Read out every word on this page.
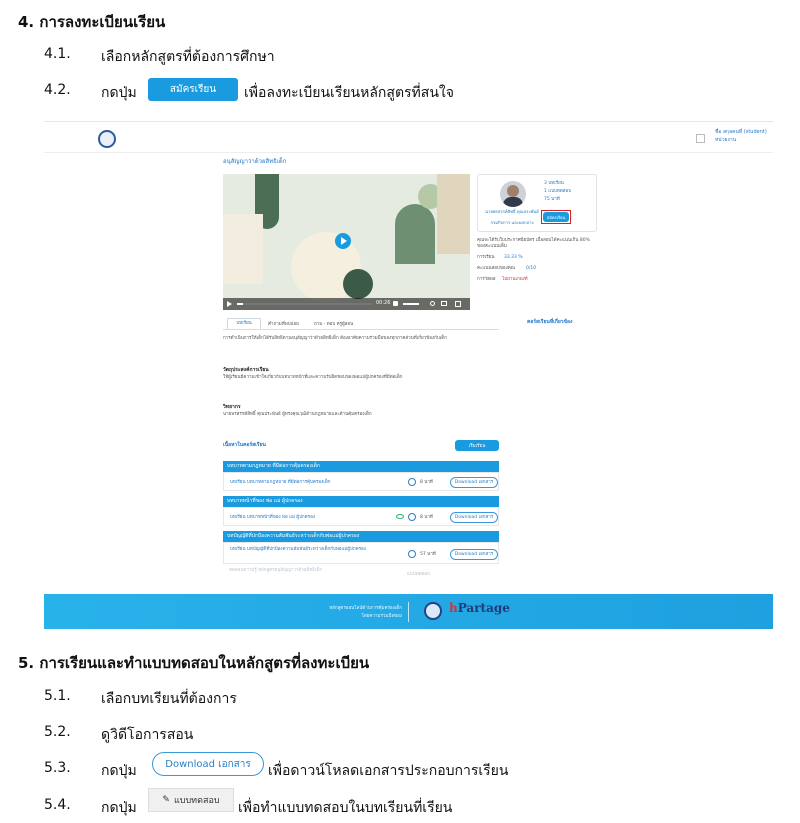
4. การลงทะเบียนเรียน
4.1. เลือกหลักสูตรที่ต้องการศึกษา
4.2. กดปุ่ม	สมัครเรียน	เพื่อลงทะเบียนเรียนหลักสูตรที่สนใจ
ชื่อ สกุลคนที่ (student)
หน่วยงาน
อนุสัญญาว่าด้วยสิทธิเด็ก
00:26
นายพรสรรค์สิทธิ์ คุณประพันธ์
กรมกิจการ และผลกลาง
3 บทเรียน
1 แบบทดสอบ
75 นาที
สมัครเรียน
คุณจะได้รับใบประกาศนียบัตร เมื่อสอบได้คะแนนเกิน 80% ของคะแนนเต็ม
การเรียน 33.33 %
คะแนนสอบของคุณ 0/10
การวัดผล ไม่ผ่านเกณฑ์
คอร์สเรียนที่เกี่ยวข้อง
บทเรียน	คำถามที่พบบ่อย	ถาม - ตอบ ครูผู้สอน
การดำเนินการให้เด็กได้รับสิทธิตามอนุสัญญาว่าด้วยสิทธิเด็ก ต้องอาศัยความร่วมมือของทุกภาคส่วนที่เกี่ยวข้องกับเด็ก
วัตถุประสงค์การเรียน
ให้ผู้เรียนมีความเข้าใจเกี่ยวกับบทบาทหน้าที่และความรับผิดชอบของพ่อแม่ผู้ปกครองที่มีต่อเด็ก
วิทยากร
นายพรสรรค์สิทธิ์ คุณประพันธ์ ผู้ทรงคุณวุฒิด้านกฎหมายและด้านคุ้มครองเด็ก
เนื้อหาในคอร์สเรียน	เริ่มเรียน
บทบาทตามกฎหมาย ที่มีต่อการคุ้มครองเด็ก
บทเรียน บทบาทตามกฎหมาย ที่มีต่อการคุ้มครองเด็ก	8 นาที	Download เอกสาร
บทบาทหน้าที่ของ พ่อ แม่ ผู้ปกครอง
บทเรียน บทบาทหน้าที่ของ พ่อ แม่ ผู้ปกครอง	8 นาที	Download เอกสาร
บทบัญญัติที่ปกป้องความสัมพันธ์ระหว่างเด็กกับพ่อแม่ผู้ปกครอง
บทเรียน บทบัญญัติที่ปกป้องความสัมพันธ์ระหว่างเด็กกับพ่อแม่ผู้ปกครอง
57 นาที	Download เอกสาร
ทดสอบความรู้ หลักสูตรอนุสัญญาว่าด้วยสิทธิเด็ก
แบบทดสอบ
หลักสูตรออนไลน์ด้านการคุ้มครองเด็ก
โดยความร่วมมือของ
hPartage
5. การเรียนและทำแบบทดสอบในหลักสูตรที่ลงทะเบียน
5.1. เลือกบทเรียนที่ต้องการ
5.2. ดูวิดีโอการสอน
5.3. กดปุ่ม	Download เอกสาร	เพื่อดาวน์โหลดเอกสารประกอบการเรียน
5.4. กดปุ่ม	✎ แบบทดสอบ เพื่อทำแบบทดสอบในบทเรียนที่เรียน
